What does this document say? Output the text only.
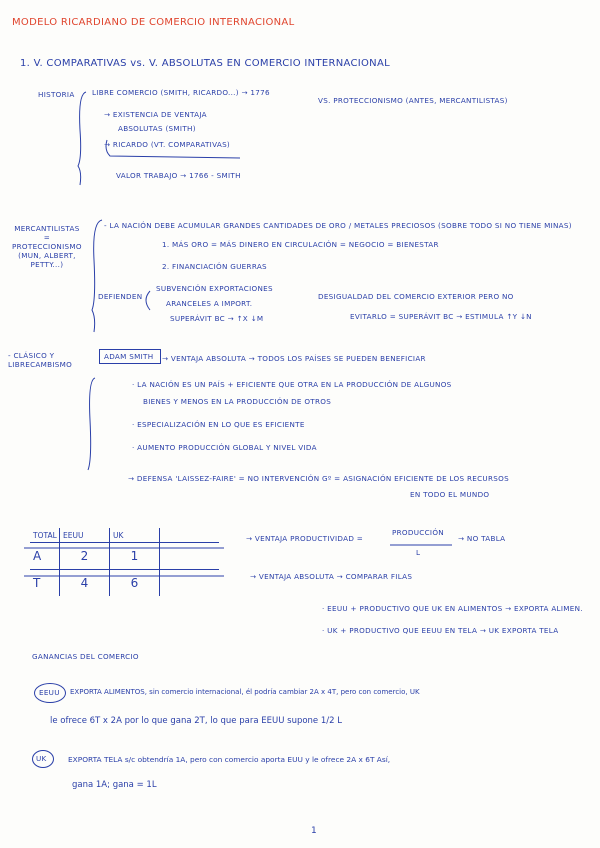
MODELO RICARDIANO DE COMERCIO INTERNACIONAL
1. V. COMPARATIVAS vs. V. ABSOLUTAS EN COMERCIO INTERNACIONAL
HISTORIA LIBRE COMERCIO (SMITH, RICARDO...) → 1776
VS. PROTECCIONISMO (ANTES, MERCANTILISTAS)
→ EXISTENCIA DE VENTAJA
ABSOLUTAS (SMITH)
→ RICARDO (VT. COMPARATIVAS)
VALOR TRABAJO → 1766 - SMITH
MERCANTILISTAS
=
PROTECCIONISMO
(MUN, ALBERT,
PETTY...)
- LA NACIÓN DEBE ACUMULAR GRANDES CANTIDADES DE ORO / METALES PRECIOSOS (SOBRE TODO SI NO TIENE MINAS)
1. MÁS ORO = MÁS DINERO EN CIRCULACIÓN = NEGOCIO = BIENESTAR
2. FINANCIACIÓN GUERRAS
DEFIENDEN
SUBVENCIÓN EXPORTACIONES
ARANCELES A IMPORT.
SUPERÁVIT BC → ↑X ↓M
DESIGUALDAD DEL COMERCIO EXTERIOR PERO NO
EVITARLO = SUPERÁVIT BC → ESTIMULA ↑Y ↓N
- CLÁSICO Y
LIBRECAMBISMO
ADAM SMITH → VENTAJA ABSOLUTA → TODOS LOS PAÍSES SE PUEDEN BENEFICIAR
· LA NACIÓN ES UN PAÍS + EFICIENTE QUE OTRA EN LA PRODUCCIÓN DE ALGUNOS
BIENES Y MENOS EN LA PRODUCCIÓN DE OTROS
· ESPECIALIZACIÓN EN LO QUE ES EFICIENTE
· AUMENTO PRODUCCIÓN GLOBAL Y NIVEL VIDA
→ DEFENSA 'LAISSEZ-FAIRE' = NO INTERVENCIÓN Gº = ASIGNACIÓN EFICIENTE DE LOS RECURSOS
EN TODO EL MUNDO
TOTAL	EEUU	UK	
A	2	1	
T	4	6	
→ VENTAJA PRODUCTIVIDAD =
PRODUCCIÓN
L
→ NO TABLA
→ VENTAJA ABSOLUTA → COMPARAR FILAS
· EEUU + PRODUCTIVO QUE UK EN ALIMENTOS → EXPORTA ALIMEN.
· UK + PRODUCTIVO QUE EEUU EN TELA → UK EXPORTA TELA
GANANCIAS DEL COMERCIO
EEUU EXPORTA ALIMENTOS, sin comercio internacional, él podría cambiar 2A x 4T, pero con comercio, UK
le ofrece 6T x 2A por lo que gana 2T, lo que para EEUU supone 1/2 L
UK	EXPORTA TELA s/c obtendría 1A, pero con comercio aporta EUU y le ofrece 2A x 6T Así,
gana 1A; gana = 1L
1
